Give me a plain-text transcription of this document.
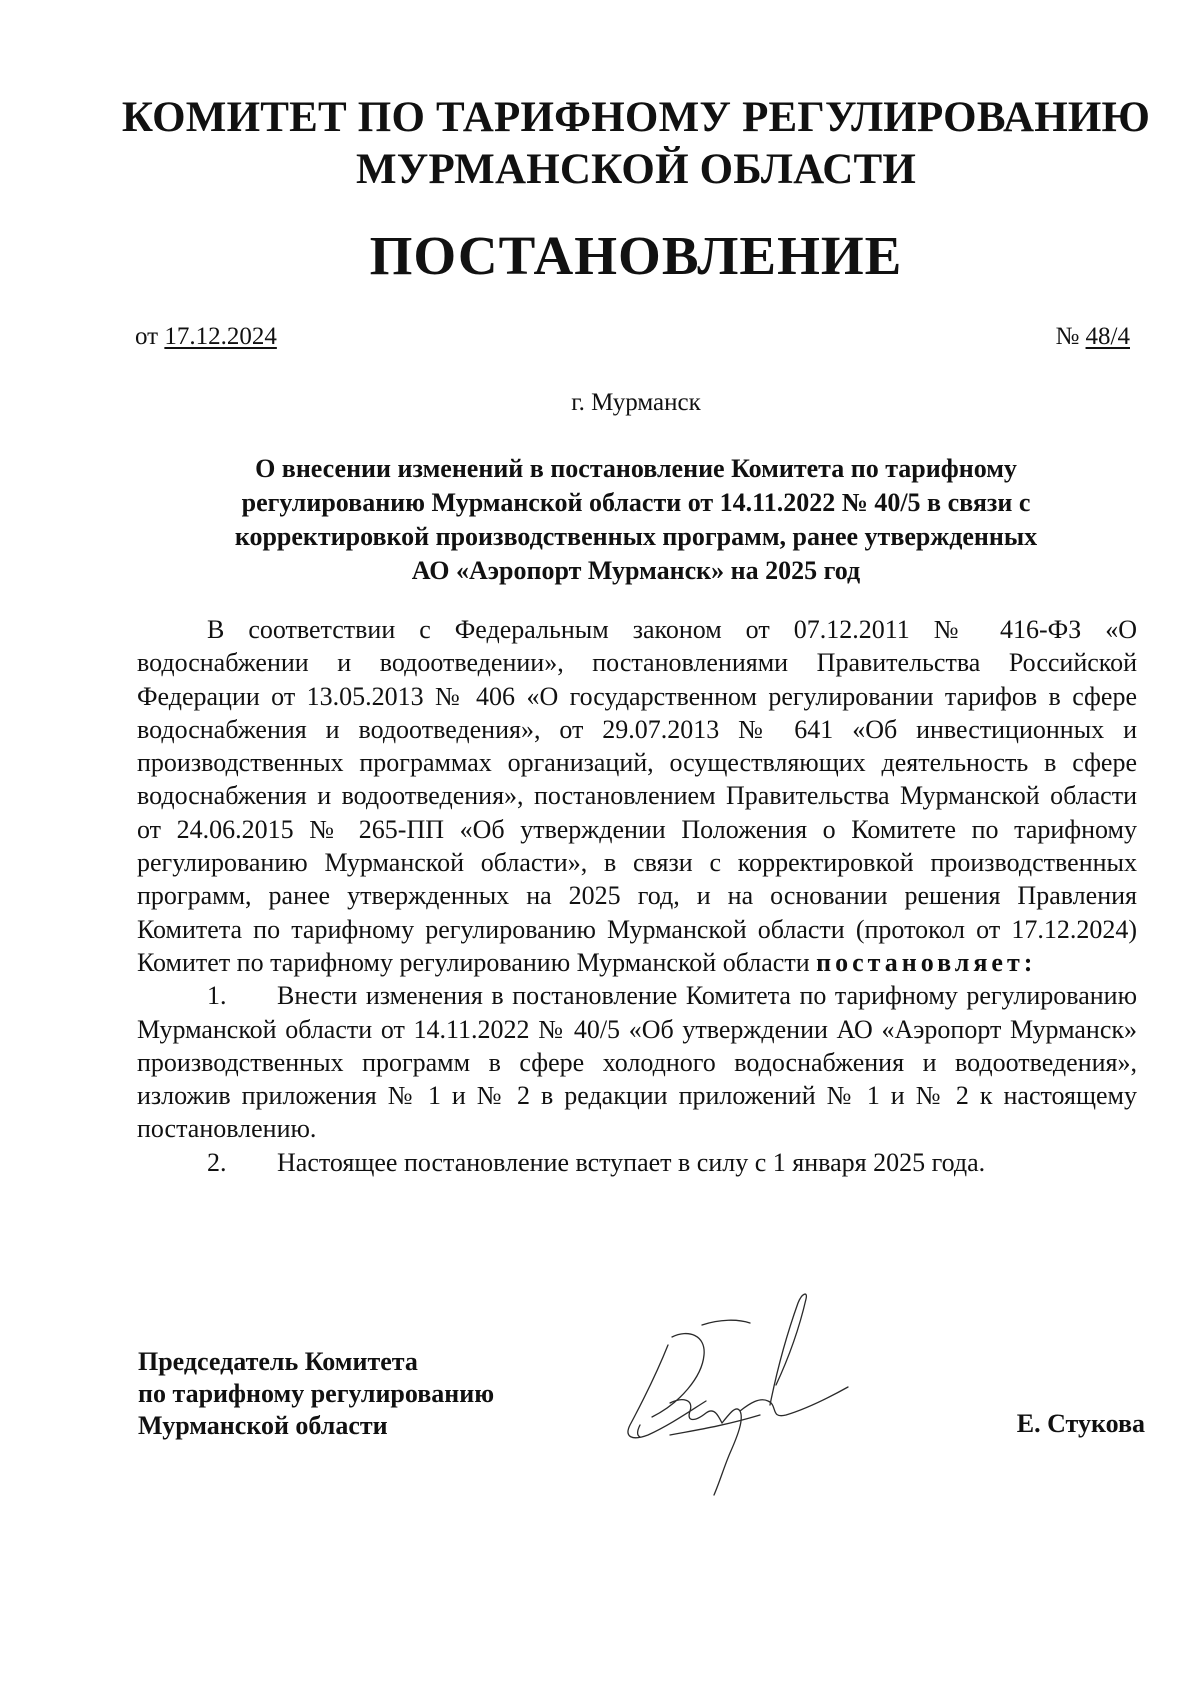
КОМИТЕТ ПО ТАРИФНОМУ РЕГУЛИРОВАНИЮ
МУРМАНСКОЙ ОБЛАСТИ
ПОСТАНОВЛЕНИЕ
от 17.12.2024	№ 48/4
г. Мурманск
О внесении изменений в постановление Комитета по тарифному
регулированию Мурманской области от 14.11.2022 № 40/5 в связи с
корректировкой производственных программ, ранее утвержденных
АО «Аэропорт Мурманск» на 2025 год

В соответствии с Федеральным законом от 07.12.2011 № 416-ФЗ «О водоснабжении и водоотведении», постановлениями Правительства Российской Федерации от 13.05.2013 № 406 «О государственном регулировании тарифов в сфере водоснабжения и водоотведения», от 29.07.2013 № 641 «Об инвестиционных и производственных программах организаций, осуществляющих деятельность в сфере водоснабжения и водоотведения», постановлением Правительства Мурманской области от 24.06.2015 № 265-ПП «Об утверждении Положения о Комитете по тарифному регулированию Мурманской области», в связи с корректировкой производственных программ, ранее утвержденных на 2025 год, и на основании решения Правления Комитета по тарифному регулированию Мурманской области (протокол от 17.12.2024) Комитет по тарифному регулированию Мурманской области постановляет:

1. Внести изменения в постановление Комитета по тарифному регулированию Мурманской области от 14.11.2022 № 40/5 «Об утверждении АО «Аэропорт Мурманск» производственных программ в сфере холодного водоснабжения и водоотведения», изложив приложения № 1 и № 2 в редакции приложений № 1 и № 2 к настоящему постановлению.

2. Настоящее постановление вступает в силу с 1 января 2025 года.

Председатель Комитета
по тарифному регулированию
Мурманской области	Е. Стукова
